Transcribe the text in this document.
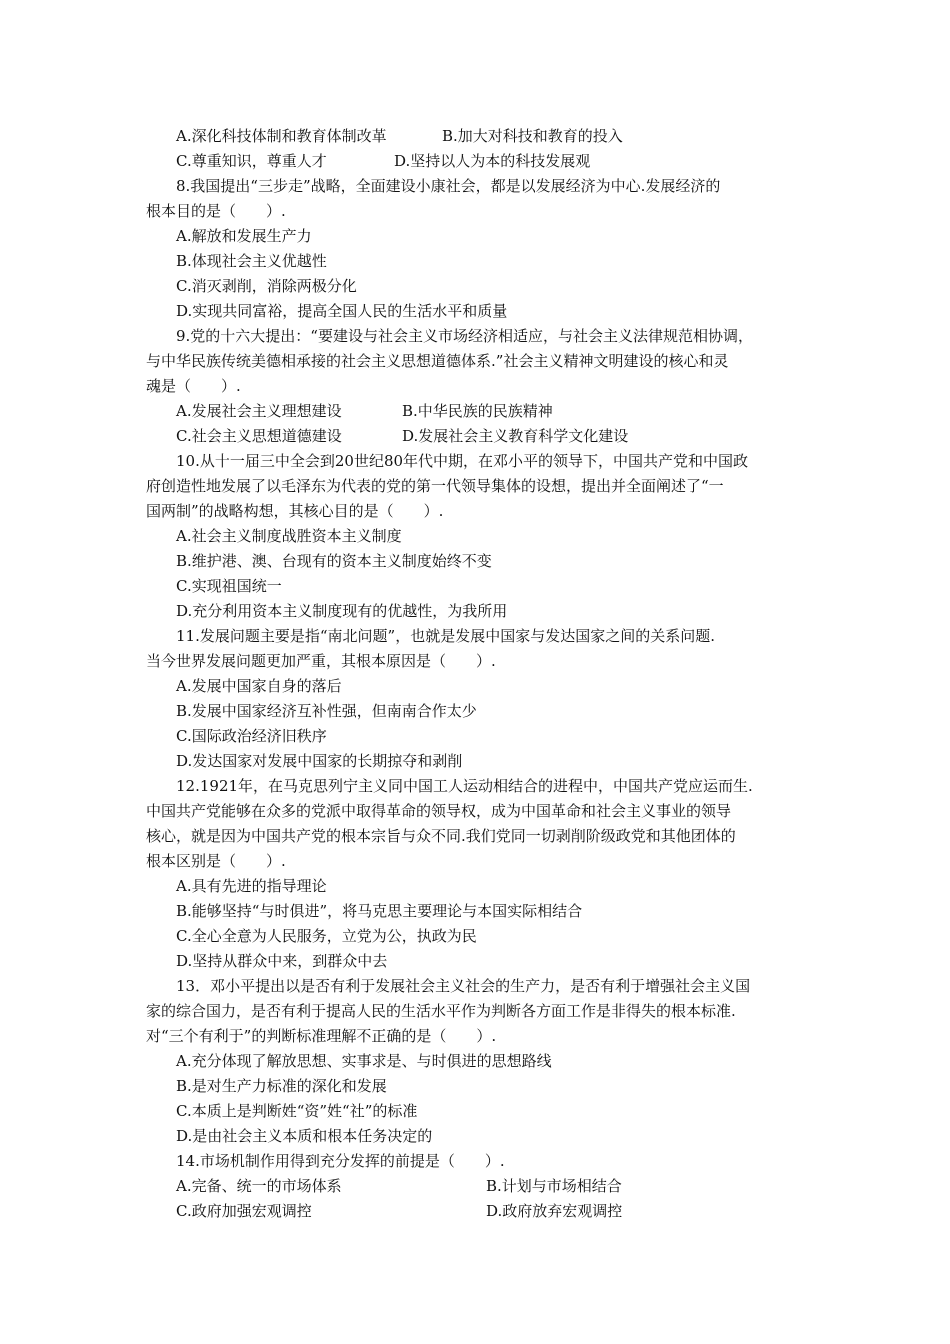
A.深化科技体制和教育体制改革	B.加大对科技和教育的投入
C.尊重知识，尊重人才	D.坚持以人为本的科技发展观
8.我国提出“三步走”战略，全面建设小康社会，都是以发展经济为中心.发展经济的
根本目的是（　　）.
A.解放和发展生产力
B.体现社会主义优越性
C.消灭剥削，消除两极分化
D.实现共同富裕，提高全国人民的生活水平和质量
9.党的十六大提出：“要建设与社会主义市场经济相适应，与社会主义法律规范相协调，
与中华民族传统美德相承接的社会主义思想道德体系.”社会主义精神文明建设的核心和灵
魂是（　　）.
A.发展社会主义理想建设	B.中华民族的民族精神
C.社会主义思想道德建设	D.发展社会主义教育科学文化建设
10.从十一届三中全会到20世纪80年代中期，在邓小平的领导下，中国共产党和中国政
府创造性地发展了以毛泽东为代表的党的第一代领导集体的设想，提出并全面阐述了“一
国两制”的战略构想，其核心目的是（　　）.
A.社会主义制度战胜资本主义制度
B.维护港、澳、台现有的资本主义制度始终不变
C.实现祖国统一
D.充分利用资本主义制度现有的优越性，为我所用
11.发展问题主要是指“南北问题”，也就是发展中国家与发达国家之间的关系问题.
当今世界发展问题更加严重，其根本原因是（　　）.
A.发展中国家自身的落后
B.发展中国家经济互补性强，但南南合作太少
C.国际政治经济旧秩序
D.发达国家对发展中国家的长期掠夺和剥削
12.1921年，在马克思列宁主义同中国工人运动相结合的进程中，中国共产党应运而生.
中国共产党能够在众多的党派中取得革命的领导权，成为中国革命和社会主义事业的领导
核心，就是因为中国共产党的根本宗旨与众不同.我们党同一切剥削阶级政党和其他团体的
根本区别是（　　）.
A.具有先进的指导理论
B.能够坚持“与时俱进”，将马克思主要理论与本国实际相结合
C.全心全意为人民服务，立党为公，执政为民
D.坚持从群众中来，到群众中去
13．邓小平提出以是否有利于发展社会主义社会的生产力，是否有利于增强社会主义国
家的综合国力，是否有利于提高人民的生活水平作为判断各方面工作是非得失的根本标准.
对“三个有利于”的判断标准理解不正确的是（　　）.
A.充分体现了解放思想、实事求是、与时俱进的思想路线
B.是对生产力标准的深化和发展
C.本质上是判断姓“资”姓“社”的标准
D.是由社会主义本质和根本任务决定的
14.市场机制作用得到充分发挥的前提是（　　）.
A.完备、统一的市场体系	B.计划与市场相结合
C.政府加强宏观调控	D.政府放弃宏观调控
